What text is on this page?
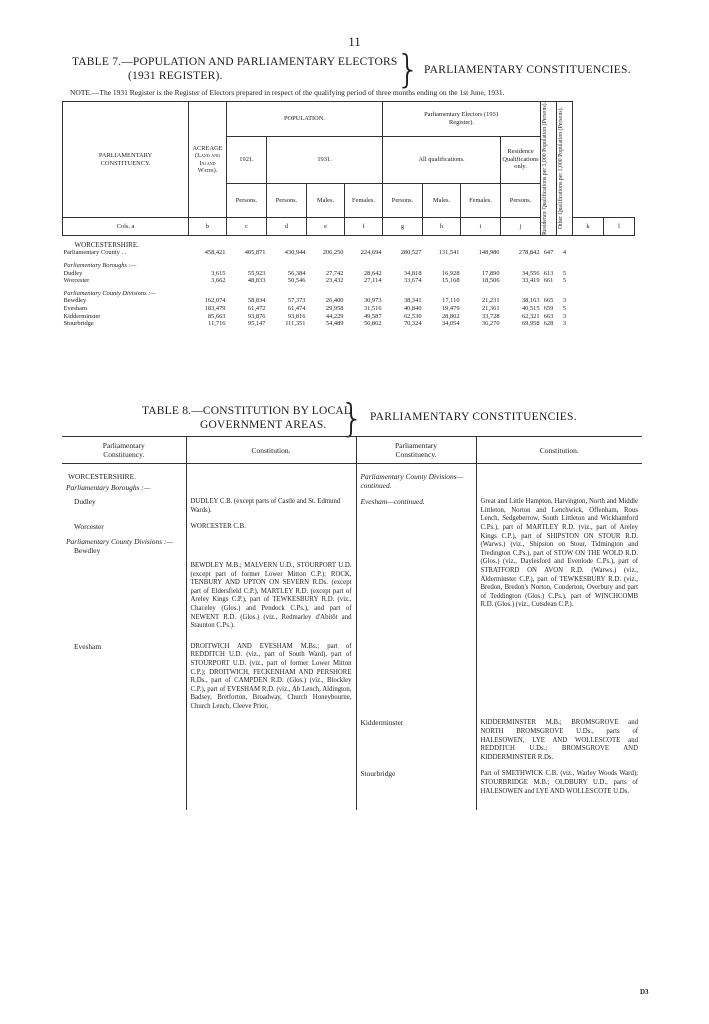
11
TABLE 7.—POPULATION AND PARLIAMENTARY ELECTORS
(1931 REGISTER).	} PARLIAMENTARY CONSTITUENCIES.
NOTE.—The 1931 Register is the Register of Electors prepared in respect of the qualifying period of three months ending on the 1st June, 1931.
PARLIAMENTARY CONSTITUENCY.	ACREAGE (Land and Inland Water).	POPULATION.				Parliamentary Electors (1931 Register).				Residence Qualifications per 1,000 Population (Persons).	Other Qualifications per 1,000 Population (Persons).		

		1921.	1931.			All qualifications.			Residence Qualifications only.				
		Persons.	Persons.	Males.	Females.	Persons.	Males.	Females.	Persons.				
Cols. a	b	c	d	e	f	g	h	i	j			k	l

WORCESTERSHIRE.													
Parliamentary County . .	458,421	405,871	430,944	206,250	224,694	280,527	131,541	148,986	278,842	647	4		

Parliamentary Boroughs :—													
Dudley	3,615	55,923	56,384	27,742	28,642	34,818	16,928	17,890	34,556	613	5		
Worcester	3,662	48,833	50,546	23,432	27,114	33,674	15,168	18,506	33,419	661	5		

Parliamentary County Divisions :—													
Bewdley	162,074	58,834	57,373	26,400	30,973	38,341	17,110	21,231	38,163	665	3		
Evesham	183,479	61,472	61,474	29,958	31,516	40,840	19,479	21,361	40,515	659	5		
Kidderminster	85,663	93,876	93,816	44,229	49,587	62,530	28,802	33,728	62,321	663	3		
Stourbridge	11,716	95,147	111,351	54,489	56,862	70,324	34,054	36,270	69,958	628	3		
TABLE 8.—CONSTITUTION BY LOCAL
GOVERNMENT AREAS. } PARLIAMENTARY CONSTITUENCIES.
Parliamentary Constituency.	Constitution.	Parliamentary Constituency.	Constitution.

WORCESTERSHIRE.
Parliamentary Boroughs :—		Parliamentary County Divisions—continued.	

Dudley	DUDLEY C.B. (except parts of Castle and St. Edmund Wards).	Evesham—continued.	Great and Little Hampton, Harvington, North and Middle Littleton, Norton and Lenchwick, Offenham, Rous Lench, Sedgeberrow, South Littleton and Wickhamford C.Ps.), part of MARTLEY R.D. (viz., part of Areley Kings C.P.), part of SHIPSTON ON STOUR R.D. (Warws.) (viz., Shipston on Stour, Tidmington and Tredington C.Ps.), part of STOW ON THE WOLD R.D. (Glos.) (viz., Daylesford and Evenlode C.Ps.), part of STRATFORD ON AVON R.D. (Warws.) (viz., Alderminster C.P.), part of TEWKESBURY R.D. (viz., Bredon, Bredon's Norton, Conderton, Overbury and part of Teddington (Glos.) C.Ps.), part of WINCHCOMB R.D. (Glos.) (viz., Cutsdean C.P.).

Worcester	WORCESTER C.B.		

Parliamentary County Divisions :—
Bewdley	BEWDLEY M.B.; MALVERN U.D., STOURPORT U.D. (except part of former Lower Mitton C.P.); ROCK, TENBURY AND UPTON ON SEVERN R.Ds. (except part of Eldersfield C.P.), MARTLEY R.D. (except part of Areley Kings C.P.), part of TEWKESBURY R.D. (viz., Chaceley (Glos.) and Pendock C.Ps.), and part of NEWENT R.D. (Glos.) (viz., Redmarley d'Abitôt and Staunton C.Ps.).		

Evesham	DROITWICH AND EVESHAM M.Bs.; part of REDDITCH U.D. (viz., part of South Ward), part of STOURPORT U.D. (viz., part of former Lower Mitton C.P.); DROITWICH, FECKENHAM AND PERSHORE R.Ds., part of CAMPDEN R.D. (Glos.) (viz., Blockley C.P.), part of EVESHAM R.D. (viz., Ab Lench, Aldington, Badsey, Bretforton, Broadway, Church Honeybourne, Church Lench, Cleeve Prior,		

		Kidderminster	KIDDERMINSTER M.B.; BROMSGROVE and NORTH BROMSGROVE U.Ds., parts of HALESOWEN, LYE AND WOLLESCOTE and REDDITCH U.Ds.; BROMSGROVE AND KIDDERMINSTER R.Ds.

		Stourbridge	Part of SMETHWICK C.B. (viz., Warley Woods Ward); STOURBRIDGE M.B.; OLDBURY U.D., parts of HALESOWEN and LYE AND WOLLESCOTE U.Ds.
D3
